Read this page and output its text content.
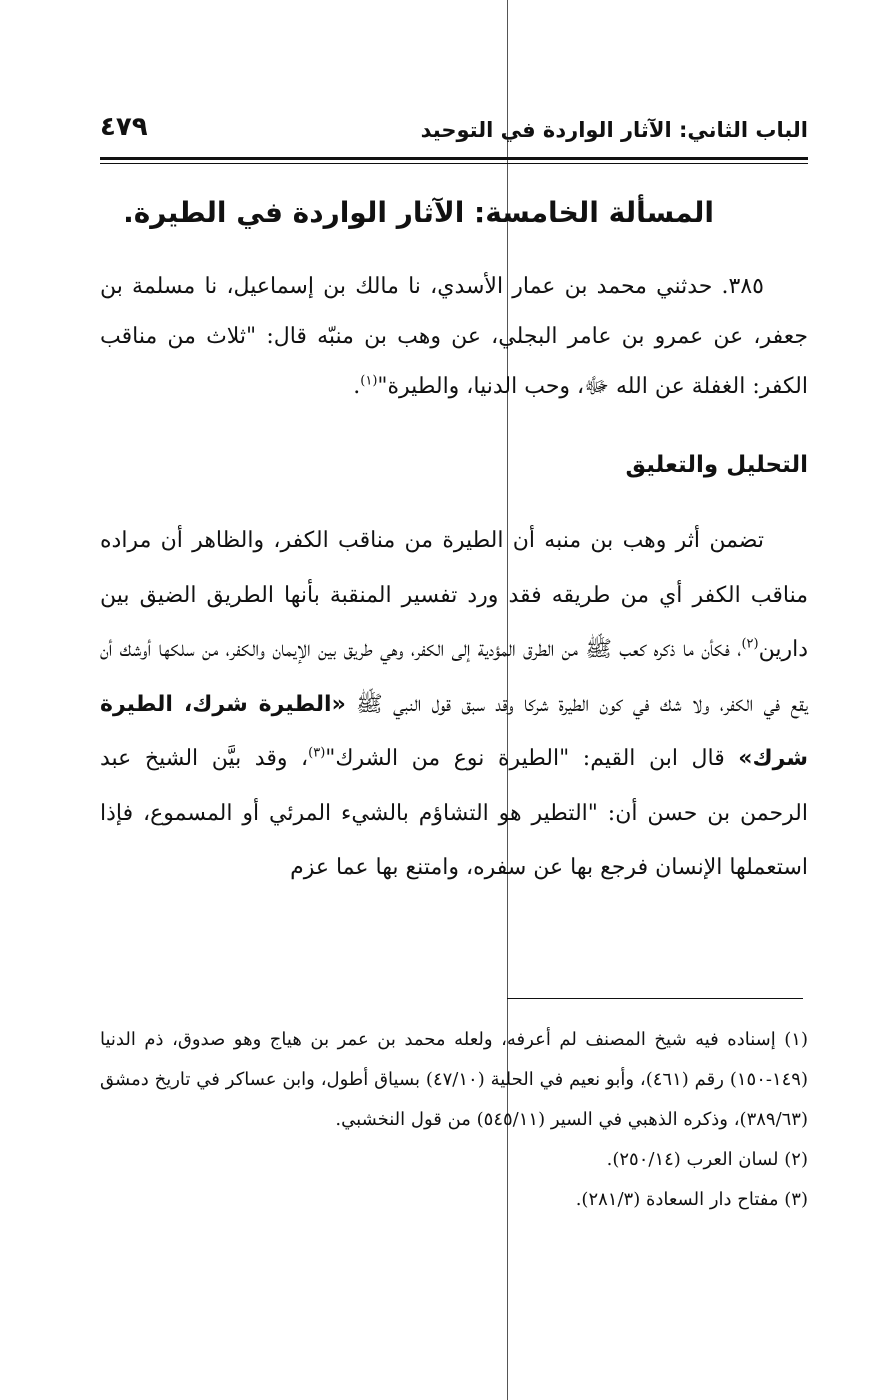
الباب الثاني: الآثار الواردة في التوحيد
٤٧٩
المسألة الخامسة: الآثار الواردة في الطيرة.

٣٨٥. حدثني محمد بن عمار الأسدي، نا مالك بن إسماعيل، نا مسلمة بن جعفر، عن عمرو بن عامر البجلي، عن وهب بن منبّه قال: "ثلاث من مناقب الكفر: الغفلة عن الله ﷻ، وحب الدنيا، والطيرة"$^{(١)}$.

التحليل والتعليق

تضمن أثر وهب بن منبه أن الطيرة من مناقب الكفر، والظاهر أن مراده مناقب الكفر أي من طريقه فقد ورد تفسير المنقبة بأنها الطريق الضيق بين دارين$^{(٢)}$، فكأن ما ذكره كعب ﷺ من الطرق المؤدية إلى الكفر، وهي طريق بين الإيمان والكفر، من سلكها أوشك أن يقع في الكفر، ولا شك في كون الطيرة شركا وقد سبق قول النبي ﷺ «الطيرة شرك، الطيرة شرك» قال ابن القيم: "الطيرة نوع من الشرك"$^{(٣)}$، وقد بيَّن الشيخ عبد الرحمن بن حسن أن: "التطير هو التشاؤم بالشيء المرئي أو المسموع، فإذا استعملها الإنسان فرجع بها عن سفره، وامتنع بها عما عزم

(١) إسناده فيه شيخ المصنف لم أعرفه، ولعله محمد بن عمر بن هياج وهو صدوق، ذم الدنيا (١٤٩-١٥٠) رقم (٤٦١)، وأبو نعيم في الحلية (٤٧/١٠) بسياق أطول، وابن عساكر في تاريخ دمشق (٣٨٩/٦٣)، وذكره الذهبي في السير (٥٤٥/١١) من قول النخشبي.
(٢) لسان العرب (٢٥٠/١٤).
(٣) مفتاح دار السعادة (٢٨١/٣).
